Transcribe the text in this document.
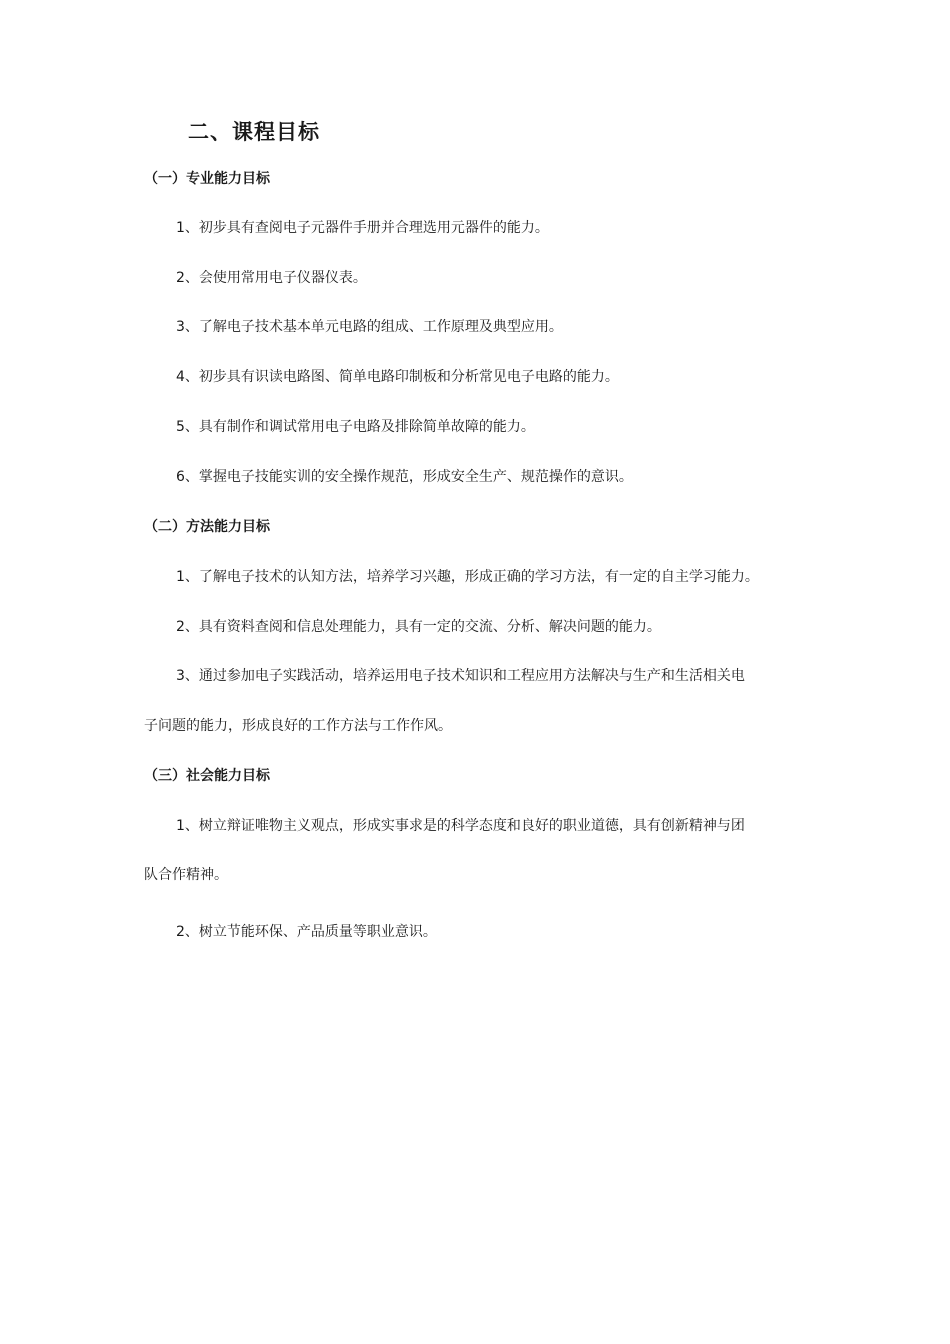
二、课程目标
（一）专业能力目标
1、初步具有查阅电子元器件手册并合理选用元器件的能力。
2、会使用常用电子仪器仪表。
3、了解电子技术基本单元电路的组成、工作原理及典型应用。
4、初步具有识读电路图、简单电路印制板和分析常见电子电路的能力。
5、具有制作和调试常用电子电路及排除简单故障的能力。
6、掌握电子技能实训的安全操作规范，形成安全生产、规范操作的意识。
（二）方法能力目标
1、了解电子技术的认知方法，培养学习兴趣，形成正确的学习方法，有一定的自主学习能力。
2、具有资料查阅和信息处理能力，具有一定的交流、分析、解决问题的能力。
3、通过参加电子实践活动，培养运用电子技术知识和工程应用方法解决与生产和生活相关电
子问题的能力，形成良好的工作方法与工作作风。
（三）社会能力目标
1、树立辩证唯物主义观点，形成实事求是的科学态度和良好的职业道德，具有创新精神与团
队合作精神。
2、树立节能环保、产品质量等职业意识。
